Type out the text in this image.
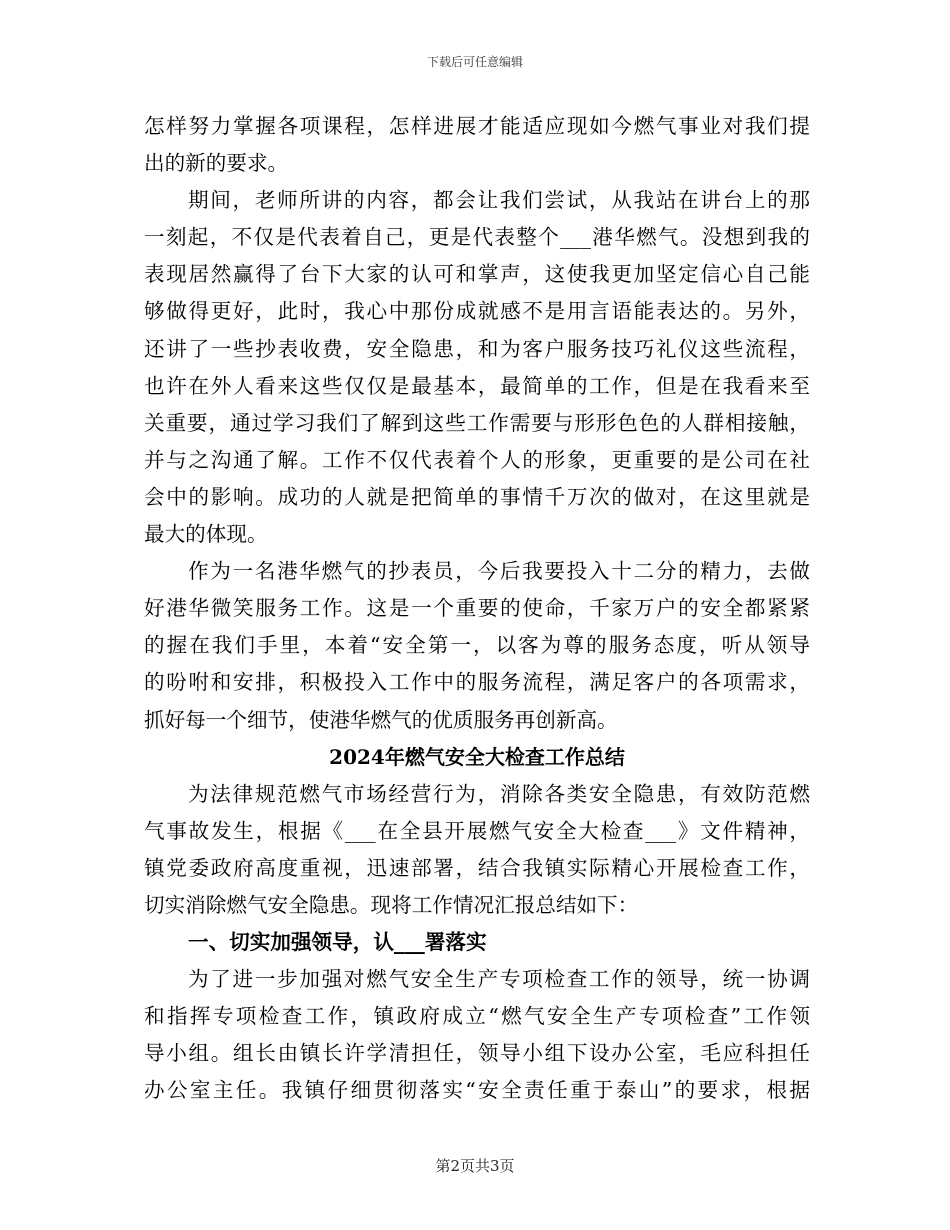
下载后可任意编辑
怎样努力掌握各项课程，怎样进展才能适应现如今燃气事业对我们提
出的新的要求。
期间，老师所讲的内容，都会让我们尝试，从我站在讲台上的那
一刻起，不仅是代表着自己，更是代表整个___港华燃气。没想到我的
表现居然赢得了台下大家的认可和掌声，这使我更加坚定信心自己能
够做得更好，此时，我心中那份成就感不是用言语能表达的。另外，
还讲了一些抄表收费，安全隐患，和为客户服务技巧礼仪这些流程，
也许在外人看来这些仅仅是最基本，最简单的工作，但是在我看来至
关重要，通过学习我们了解到这些工作需要与形形色色的人群相接触，
并与之沟通了解。工作不仅代表着个人的形象，更重要的是公司在社
会中的影响。成功的人就是把简单的事情千万次的做对，在这里就是
最大的体现。
作为一名港华燃气的抄表员，今后我要投入十二分的精力，去做
好港华微笑服务工作。这是一个重要的使命，千家万户的安全都紧紧
的握在我们手里，本着“安全第一，以客为尊的服务态度，听从领导
的吩咐和安排，积极投入工作中的服务流程，满足客户的各项需求，
抓好每一个细节，使港华燃气的优质服务再创新高。
2024年燃气安全大检查工作总结
为法律规范燃气市场经营行为，消除各类安全隐患，有效防范燃
气事故发生，根据《___在全县开展燃气安全大检查___》文件精神，
镇党委政府高度重视，迅速部署，结合我镇实际精心开展检查工作，
切实消除燃气安全隐患。现将工作情况汇报总结如下：
一、切实加强领导，认___署落实
为了进一步加强对燃气安全生产专项检查工作的领导，统一协调
和指挥专项检查工作，镇政府成立“燃气安全生产专项检查”工作领
导小组。组长由镇长许学清担任，领导小组下设办公室，毛应科担任
办公室主任。我镇仔细贯彻落实“安全责任重于泰山”的要求，根据
第2页共3页
